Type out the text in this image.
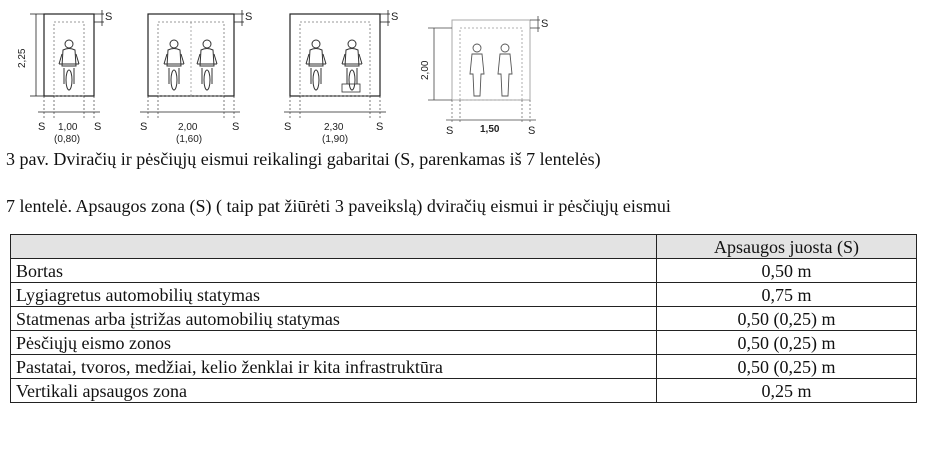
S	S	S
S
2,25
2,00
S 1,00 S
(0,80)
S	2,00	S
(1,60)
S	2,30	S
(1,90)
S	1,50	S
3 pav. Dviračių ir pėsčiųjų eismui reikalingi gabaritai (S, parenkamas iš 7 lentelės)
7 lentelė. Apsaugos zona (S) ( taip pat žiūrėti 3 paveikslą) dviračių eismui ir pėsčiųjų eismui
	Apsaugos juosta (S)
Bortas	0,50 m
Lygiagretus automobilių statymas	0,75 m
Statmenas arba įstrižas automobilių statymas	0,50 (0,25) m
Pėsčiųjų eismo zonos	0,50 (0,25) m
Pastatai, tvoros, medžiai, kelio ženklai ir kita infrastruktūra	0,50 (0,25) m
Vertikali apsaugos zona	0,25 m
